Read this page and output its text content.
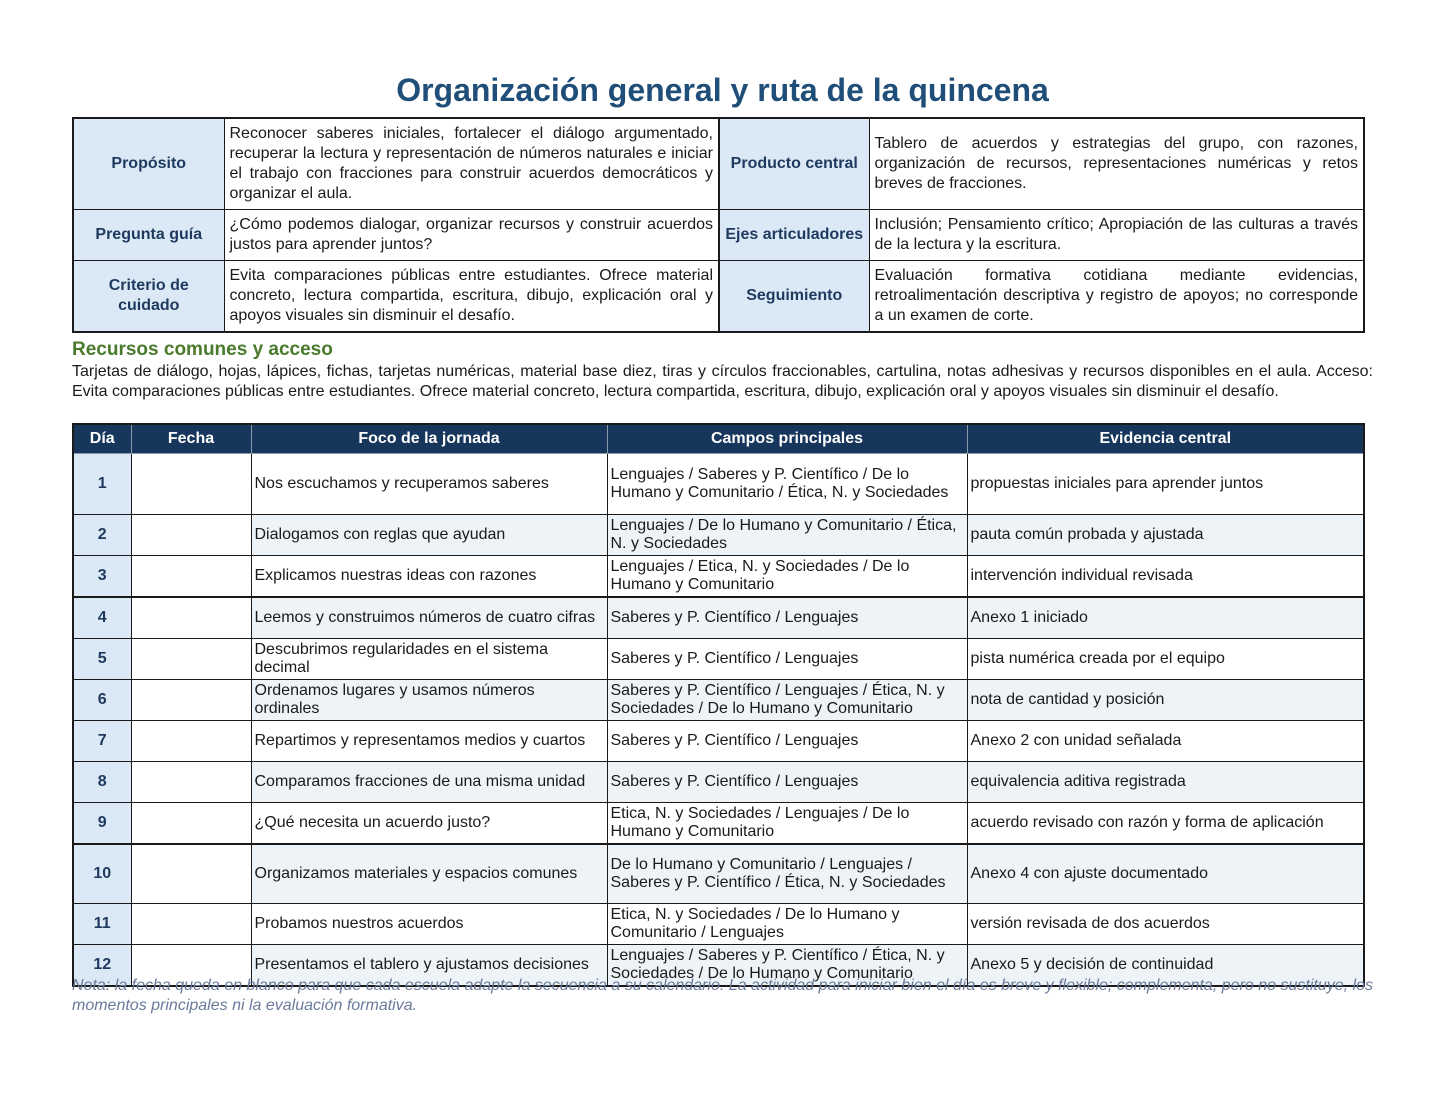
Organización general y ruta de la quincena
Propósito	Reconocer saberes iniciales, fortalecer el diálogo argumentado, recuperar la lectura y representación de números naturales e iniciar el trabajo con fracciones para construir acuerdos democráticos y organizar el aula.	Producto central	Tablero de acuerdos y estrategias del grupo, con razones, organización de recursos, representaciones numéricas y retos breves de fracciones.
Pregunta guía	¿Cómo podemos dialogar, organizar recursos y construir acuerdos justos para aprender juntos?	Ejes articuladores	Inclusión; Pensamiento crítico; Apropiación de las culturas a través de la lectura y la escritura.
Criterio de cuidado	Evita comparaciones públicas entre estudiantes. Ofrece material concreto, lectura compartida, escritura, dibujo, explicación oral y apoyos visuales sin disminuir el desafío.	Seguimiento	Evaluación formativa cotidiana mediante evidencias, retroalimentación descriptiva y registro de apoyos; no corresponde a un examen de corte.
Recursos comunes y acceso

Tarjetas de diálogo, hojas, lápices, fichas, tarjetas numéricas, material base diez, tiras y círculos fraccionables, cartulina, notas adhesivas y recursos disponibles en el aula. Acceso: Evita comparaciones públicas entre estudiantes. Ofrece material concreto, lectura compartida, escritura, dibujo, explicación oral y apoyos visuales sin disminuir el desafío.

Día	Fecha	Foco de la jornada	Campos principales	Evidencia central
1		Nos escuchamos y recuperamos saberes	Lenguajes / Saberes y P. Científico / De lo Humano y Comunitario / Ética, N. y Sociedades	propuestas iniciales para aprender juntos
2		Dialogamos con reglas que ayudan	Lenguajes / De lo Humano y Comunitario / Ética, N. y Sociedades	pauta común probada y ajustada
3		Explicamos nuestras ideas con razones	Lenguajes / Etica, N. y Sociedades / De lo Humano y Comunitario	intervención individual revisada
4		Leemos y construimos números de cuatro cifras	Saberes y P. Científico / Lenguajes	Anexo 1 iniciado
5		Descubrimos regularidades en el sistema decimal	Saberes y P. Científico / Lenguajes	pista numérica creada por el equipo
6		Ordenamos lugares y usamos números ordinales	Saberes y P. Científico / Lenguajes / Ética, N. y Sociedades / De lo Humano y Comunitario	nota de cantidad y posición
7		Repartimos y representamos medios y cuartos	Saberes y P. Científico / Lenguajes	Anexo 2 con unidad señalada
8		Comparamos fracciones de una misma unidad	Saberes y P. Científico / Lenguajes	equivalencia aditiva registrada
9		¿Qué necesita un acuerdo justo?	Etica, N. y Sociedades / Lenguajes / De lo Humano y Comunitario	acuerdo revisado con razón y forma de aplicación
10		Organizamos materiales y espacios comunes	De lo Humano y Comunitario / Lenguajes / Saberes y P. Científico / Ética, N. y Sociedades	Anexo 4 con ajuste documentado
11		Probamos nuestros acuerdos	Etica, N. y Sociedades / De lo Humano y Comunitario / Lenguajes	versión revisada de dos acuerdos
12		Presentamos el tablero y ajustamos decisiones	Lenguajes / Saberes y P. Científico / Ética, N. y Sociedades / De lo Humano y Comunitario	Anexo 5 y decisión de continuidad

Nota: la fecha queda en blanco para que cada escuela adapte la secuencia a su calendario. La actividad para iniciar bien el día es breve y flexible; complementa, pero no sustituye, los momentos principales ni la evaluación formativa.
